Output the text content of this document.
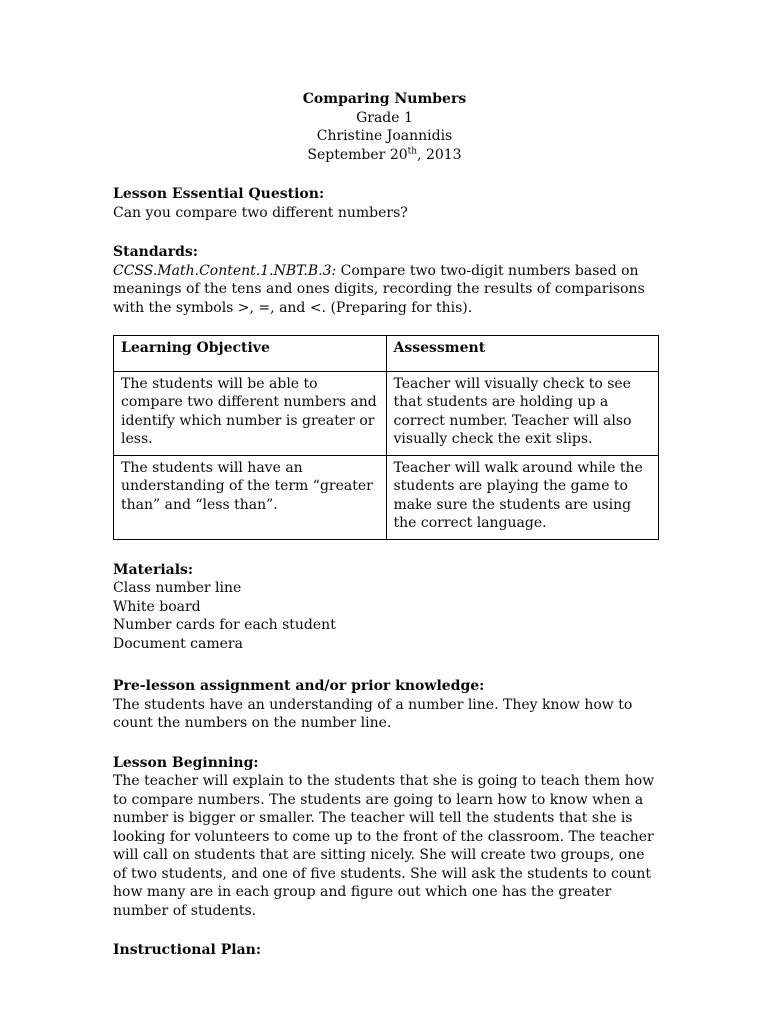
Comparing Numbers
Grade 1
Christine Joannidis
September 20th, 2013
Lesson Essential Question:
Can you compare two different numbers?
Standards:
CCSS.Math.Content.1.NBT.B.3: Compare two two-digit numbers based on meanings of the tens and ones digits, recording the results of comparisons with the symbols >, =, and <. (Preparing for this).
Learning Objective	Assessment
The students will be able to compare two different numbers and identify which number is greater or less.	Teacher will visually check to see that students are holding up a correct number. Teacher will also visually check the exit slips.
The students will have an understanding of the term “greater than” and “less than”.	Teacher will walk around while the students are playing the game to make sure the students are using the correct language.
Materials:
Class number line
White board
Number cards for each student
Document camera
Pre-lesson assignment and/or prior knowledge:
The students have an understanding of a number line. They know how to count the numbers on the number line.
Lesson Beginning:
The teacher will explain to the students that she is going to teach them how to compare numbers. The students are going to learn how to know when a number is bigger or smaller. The teacher will tell the students that she is looking for volunteers to come up to the front of the classroom. The teacher will call on students that are sitting nicely. She will create two groups, one of two students, and one of five students. She will ask the students to count how many are in each group and figure out which one has the greater number of students.
Instructional Plan:
